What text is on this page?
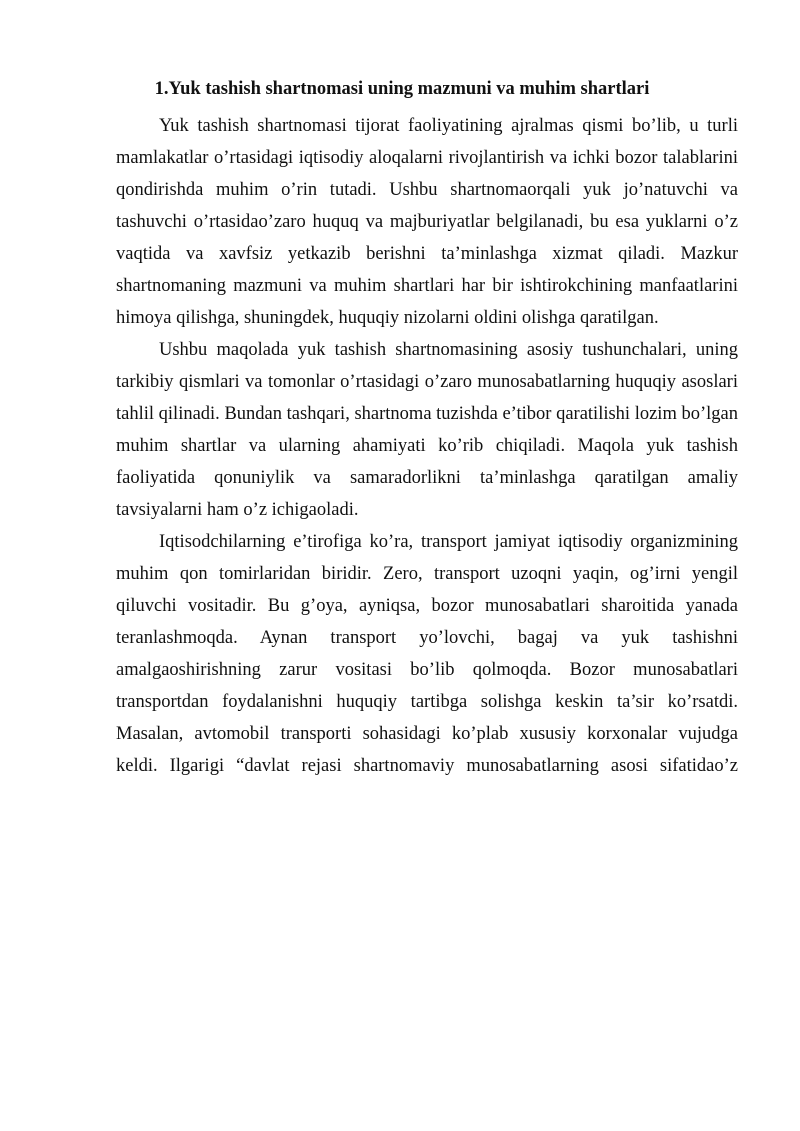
1.Yuk tashish shartnomasi uning mazmuni va muhim shartlari

Yuk tashish shartnomasi tijorat faoliyatining ajralmas qismi bo’lib, u turli mamlakatlar o’rtasidagi iqtisodiy aloqalarni rivojlantirish va ichki bozor talablarini qondirishda muhim o’rin tutadi. Ushbu shartnomaorqali yuk jo’natuvchi va tashuvchi o’rtasidao’zaro huquq va majburiyatlar belgilanadi, bu esa yuklarni o’z vaqtida va xavfsiz yetkazib berishni ta’minlashga xizmat qiladi. Mazkur shartnomaning mazmuni va muhim shartlari har bir ishtirokchining manfaatlarini himoya qilishga, shuningdek, huquqiy nizolarni oldini olishga qaratilgan.

Ushbu maqolada yuk tashish shartnomasining asosiy tushunchalari, uning tarkibiy qismlari va tomonlar o’rtasidagi o’zaro munosabatlarning huquqiy asoslari tahlil qilinadi. Bundan tashqari, shartnoma tuzishda e’tibor qaratilishi lozim bo’lgan muhim shartlar va ularning ahamiyati ko’rib chiqiladi. Maqola yuk tashish faoliyatida qonuniylik va samaradorlikni ta’minlashga qaratilgan amaliy tavsiyalarni ham o’z ichigaoladi.

Iqtisodchilarning e’tirofiga ko’ra, transport jamiyat iqtisodiy organizmining muhim qon tomirlaridan biridir. Zero, transport uzoqni yaqin, og’irni yengil qiluvchi vositadir. Bu g’oya, ayniqsa, bozor munosabatlari sharoitida yanada teranlashmoqda. Aynan transport yo’lovchi, bagaj va yuk tashishni amalgaoshirishning zarur vositasi bo’lib qolmoqda. Bozor munosabatlari transportdan foydalanishni huquqiy tartibga solishga keskin ta’sir ko’rsatdi. Masalan, avtomobil transporti sohasidagi ko’plab xususiy korxonalar vujudga keldi. Ilgarigi “davlat rejasi shartnomaviy munosabatlarning asosi sifatidao’z
